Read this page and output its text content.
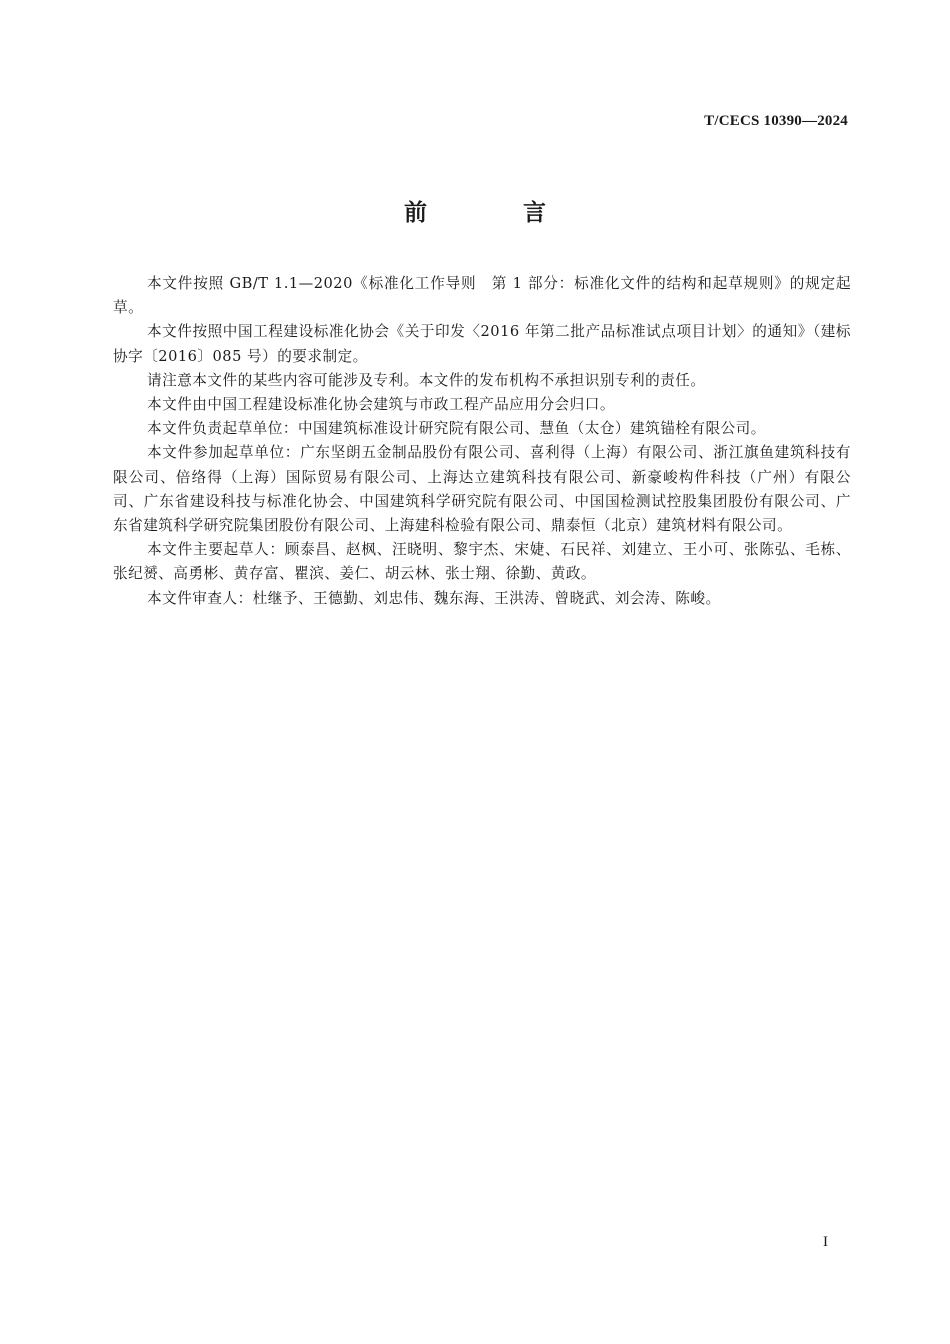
T/CECS 10390—2024
前 言

本文件按照 GB/T 1.1—2020《标准化工作导则　第 1 部分：标准化文件的结构和起草规则》的规定起草。

本文件按照中国工程建设标准化协会《关于印发〈2016 年第二批产品标准试点项目计划〉的通知》（建标协字〔2016〕085 号）的要求制定。

请注意本文件的某些内容可能涉及专利。本文件的发布机构不承担识别专利的责任。

本文件由中国工程建设标准化协会建筑与市政工程产品应用分会归口。

本文件负责起草单位：中国建筑标准设计研究院有限公司、慧鱼（太仓）建筑锚栓有限公司。

本文件参加起草单位：广东坚朗五金制品股份有限公司、喜利得（上海）有限公司、浙江旗鱼建筑科技有限公司、倍络得（上海）国际贸易有限公司、上海达立建筑科技有限公司、新豪峻构件科技（广州）有限公司、广东省建设科技与标准化协会、中国建筑科学研究院有限公司、中国国检测试控股集团股份有限公司、广东省建筑科学研究院集团股份有限公司、上海建科检验有限公司、鼎泰恒（北京）建筑材料有限公司。

本文件主要起草人：顾泰昌、赵枫、汪晓明、黎宇杰、宋婕、石民祥、刘建立、王小可、张陈弘、毛栋、张纪赟、高勇彬、黄存富、瞿滨、姜仁、胡云林、张士翔、徐勤、黄政。

本文件审查人：杜继予、王德勤、刘忠伟、魏东海、王洪涛、曾晓武、刘会涛、陈峻。

I
